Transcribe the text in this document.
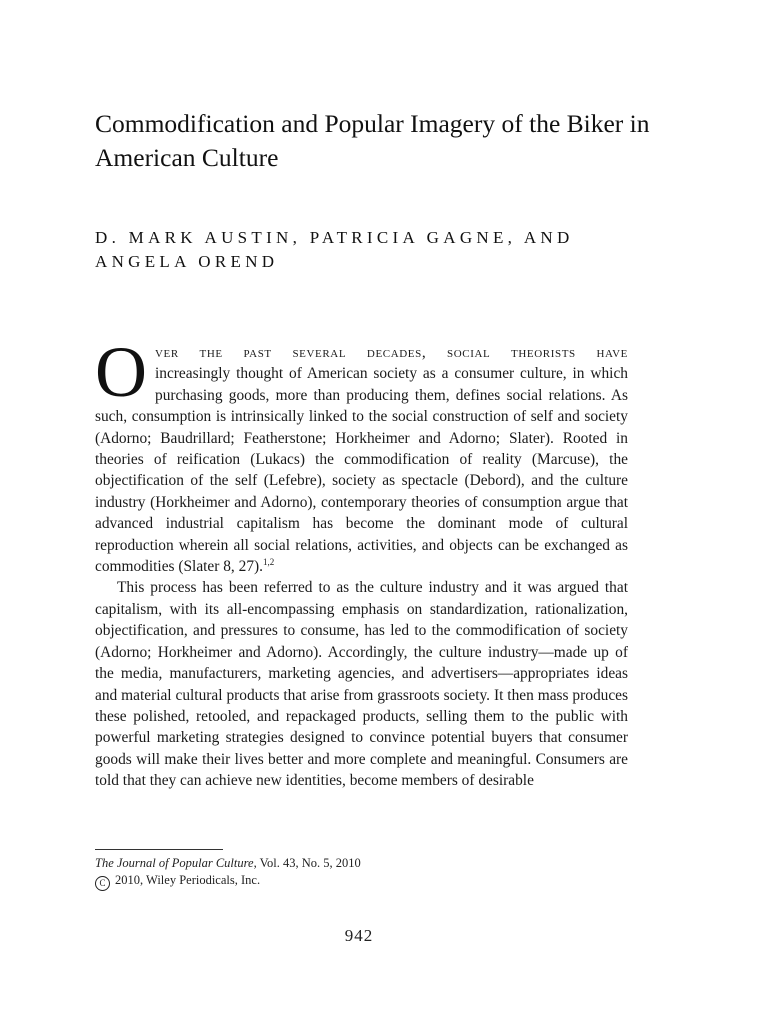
Commodification and Popular Imagery of the Biker in American Culture
D. MARK AUSTIN, PATRICIA GAGNE, AND ANGELA OREND

O ver the past several decades, social theorists have
increasingly thought of American society as a consumer culture, in which purchasing goods, more than producing them, defines social relations. As such, consumption is intrinsically linked to the social construction of self and society (Adorno; Baudrillard; Featherstone; Horkheimer and Adorno; Slater). Rooted in theories of reification (Lukacs) the commodification of reality (Marcuse), the objectification of the self (Lefebre), society as spectacle (Debord), and the culture industry (Horkheimer and Adorno), contemporary theories of consumption argue that advanced industrial capitalism has become the dominant mode of cultural reproduction wherein all social relations, activities, and objects can be exchanged as commodities (Slater 8, 27).$^{1,2}$

This process has been referred to as the culture industry and it was argued that capitalism, with its all-encompassing emphasis on standardization, rationalization, objectification, and pressures to consume, has led to the commodification of society (Adorno; Horkheimer and Adorno). Accordingly, the culture industry—made up of the media, manufacturers, marketing agencies, and advertisers—appropriates ideas and material cultural products that arise from grassroots society. It then mass produces these polished, retooled, and repackaged products, selling them to the public with powerful marketing strategies designed to convince potential buyers that consumer goods will make their lives better and more complete and meaningful. Consumers are told that they can achieve new identities, become members of desirable

The Journal of Popular Culture, Vol. 43, No. 5, 2010
C 2010, Wiley Periodicals, Inc.
942
